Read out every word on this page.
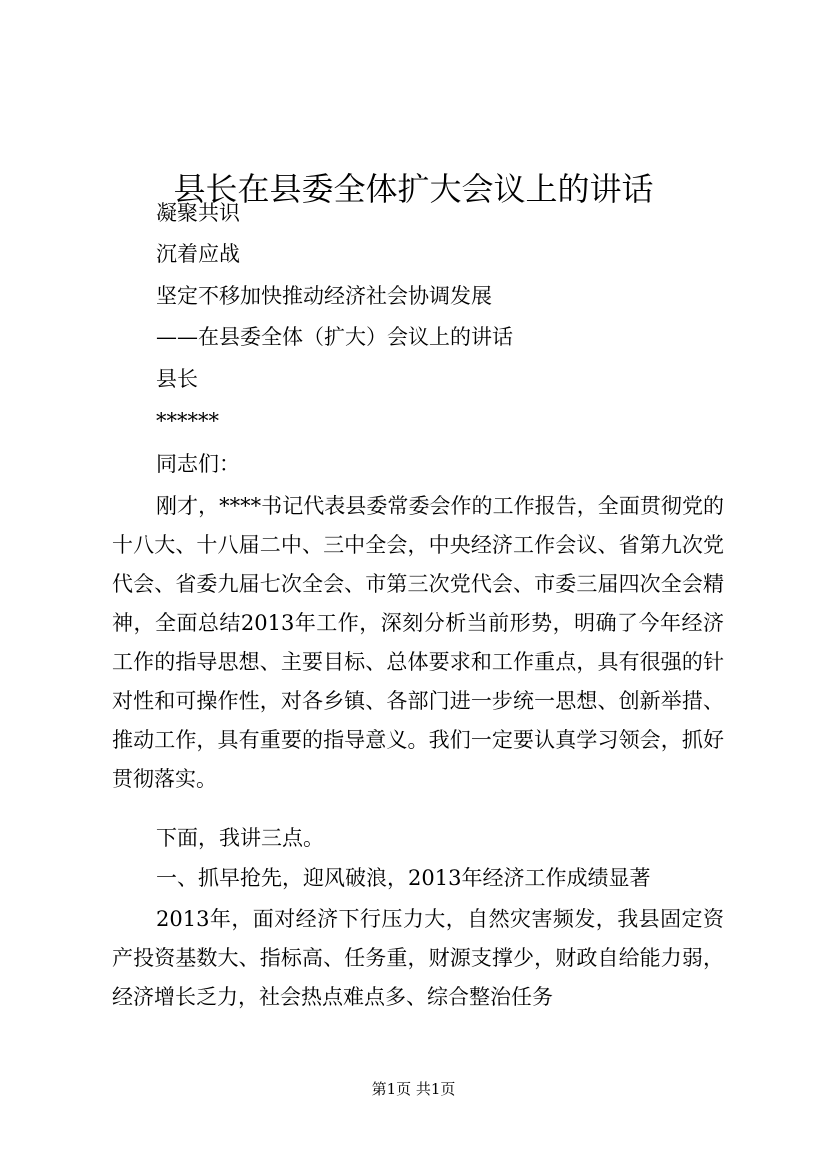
县长在县委全体扩大会议上的讲话
凝聚共识
沉着应战
坚定不移加快推动经济社会协调发展
——在县委全体（扩大）会议上的讲话
县长
******
同志们：

刚才，****书记代表县委常委会作的工作报告，全面贯彻党的十八大、十八届二中、三中全会，中央经济工作会议、省第九次党代会、省委九届七次全会、市第三次党代会、市委三届四次全会精神，全面总结2013年工作，深刻分析当前形势，明确了今年经济工作的指导思想、主要目标、总体要求和工作重点，具有很强的针对性和可操作性，对各乡镇、各部门进一步统一思想、创新举措、推动工作，具有重要的指导意义。我们一定要认真学习领会，抓好贯彻落实。

下面，我讲三点。

一、抓早抢先，迎风破浪，2013年经济工作成绩显著

2013年，面对经济下行压力大，自然灾害频发，我县固定资产投资基数大、指标高、任务重，财源支撑少，财政自给能力弱，经济增长乏力，社会热点难点多、综合整治任务

第1页 共1页
